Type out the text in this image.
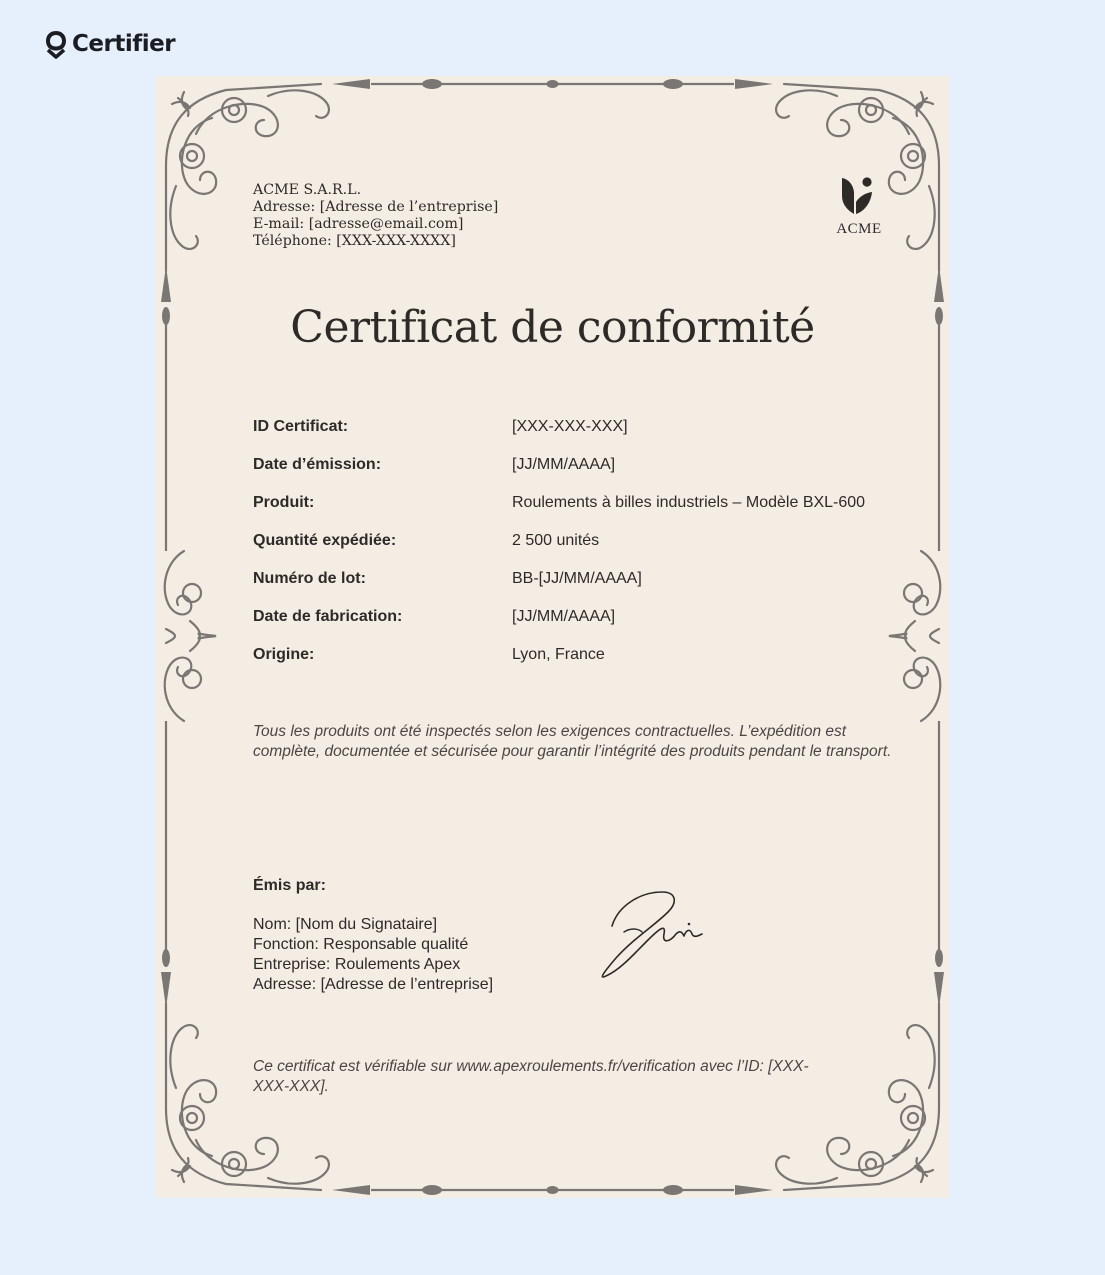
Certifier
ACME S.A.R.L.
Adresse: [Adresse de l’entreprise]
E-mail: [adresse@email.com]
Téléphone: [XXX-XXX-XXXX]
ACME
Certificat de conformité
ID Certificat:	[XXX-XXX-XXX]
Date d’émission:	[JJ/MM/AAAA]
Produit:	Roulements à billes industriels – Modèle BXL-600
Quantité expédiée:	2 500 unités
Numéro de lot:	BB-[JJ/MM/AAAA]
Date de fabrication:	[JJ/MM/AAAA]
Origine:	Lyon, France
Tous les produits ont été inspectés selon les exigences contractuelles. L’expédition est complète, documentée et sécurisée pour garantir l’intégrité des produits pendant le transport.
Émis par:
Nom: [Nom du Signataire]
Fonction: Responsable qualité
Entreprise: Roulements Apex
Adresse: [Adresse de l’entreprise]
Ce certificat est vérifiable sur www.apexroulements.fr/verification avec l’ID: [XXX-XXX-XXX].
